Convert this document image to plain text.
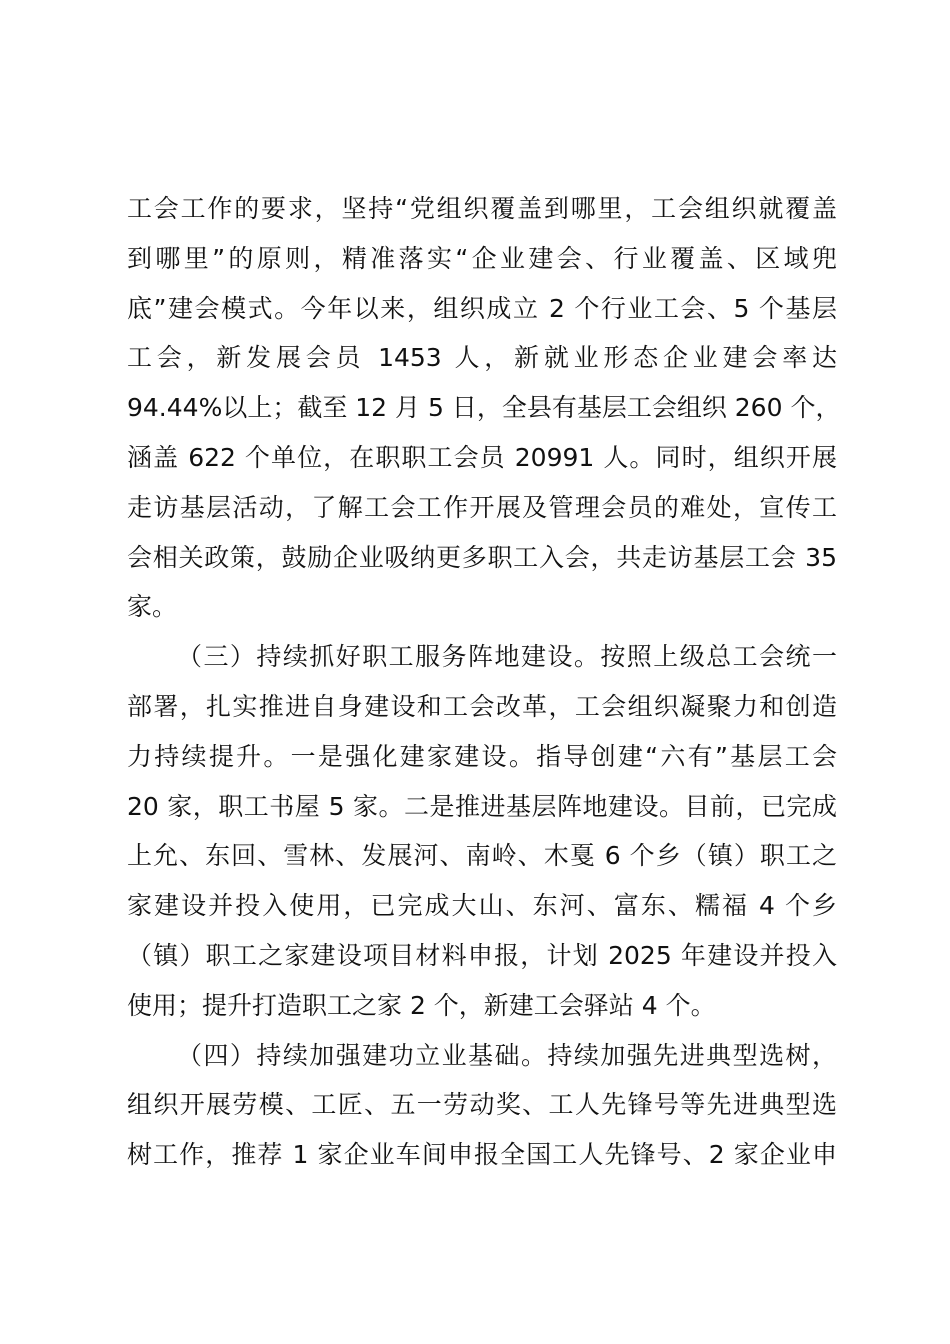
工会工作的要求，坚持“党组织覆盖到哪里，工会组织就覆盖
到哪里”的原则，精准落实“企业建会、行业覆盖、区域兜
底”建会模式。今年以来，组织成立 2 个行业工会、5 个基层
工会，新发展会员 1453 人，新就业形态企业建会率达
94.44%以上；截至 12 月 5 日，全县有基层工会组织 260 个，
涵盖 622 个单位，在职职工会员 20991 人。同时，组织开展
走访基层活动，了解工会工作开展及管理会员的难处，宣传工
会相关政策，鼓励企业吸纳更多职工入会，共走访基层工会 35
家。

（三）持续抓好职工服务阵地建设。按照上级总工会统一
部署，扎实推进自身建设和工会改革，工会组织凝聚力和创造
力持续提升。一是强化建家建设。指导创建“六有”基层工会
20 家，职工书屋 5 家。二是推进基层阵地建设。目前，已完成
上允、东回、雪林、发展河、南岭、木戛 6 个乡（镇）职工之
家建设并投入使用，已完成大山、东河、富东、糯福 4 个乡
（镇）职工之家建设项目材料申报，计划 2025 年建设并投入
使用；提升打造职工之家 2 个，新建工会驿站 4 个。

（四）持续加强建功立业基础。持续加强先进典型选树，
组织开展劳模、工匠、五一劳动奖、工人先锋号等先进典型选
树工作，推荐 1 家企业车间申报全国工人先锋号、2 家企业申
